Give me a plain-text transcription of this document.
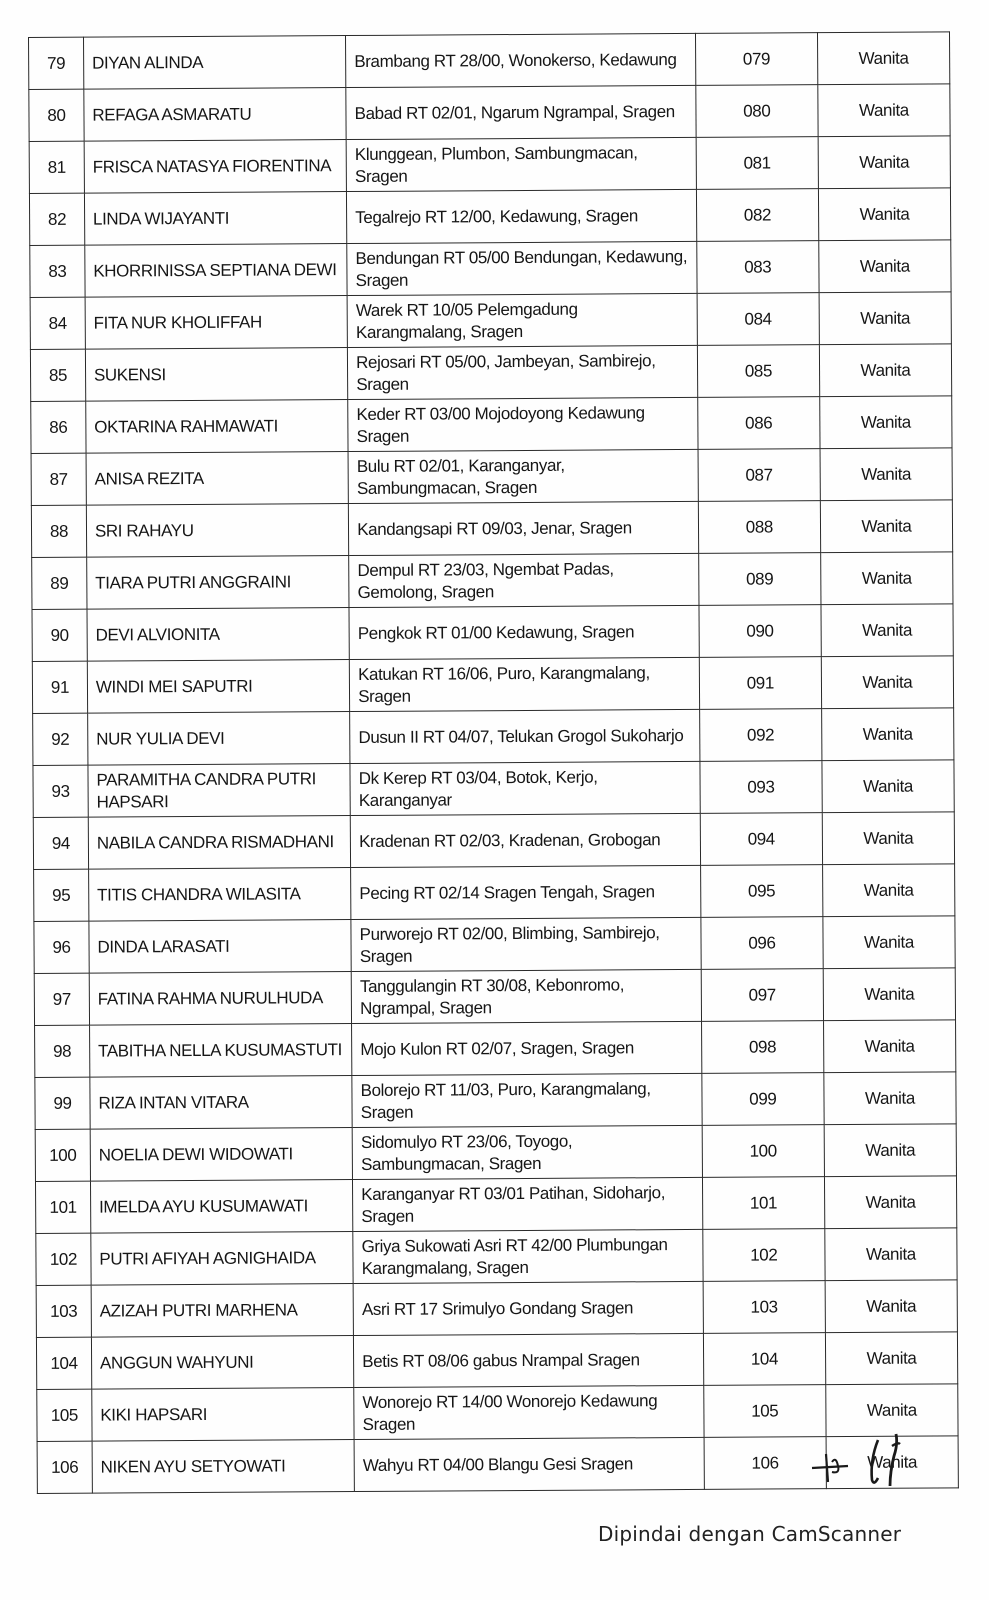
79	DIYAN ALINDA	Brambang RT 28/00, Wonokerso, Kedawung	079	Wanita
80	REFAGA ASMARATU	Babad RT 02/01, Ngarum Ngrampal, Sragen	080	Wanita
81	FRISCA NATASYA FIORENTINA	Klunggean, Plumbon, Sambungmacan, Sragen	081	Wanita
82	LINDA WIJAYANTI	Tegalrejo RT 12/00, Kedawung, Sragen	082	Wanita
83	KHORRINISSA SEPTIANA DEWI	Bendungan RT 05/00 Bendungan, Kedawung, Sragen	083	Wanita
84	FITA NUR KHOLIFFAH	Warek RT 10/05 Pelemgadung Karangmalang, Sragen	084	Wanita
85	SUKENSI	Rejosari RT 05/00, Jambeyan, Sambirejo, Sragen	085	Wanita
86	OKTARINA RAHMAWATI	Keder RT 03/00 Mojodoyong Kedawung Sragen	086	Wanita
87	ANISA REZITA	Bulu RT 02/01, Karanganyar, Sambungmacan, Sragen	087	Wanita
88	SRI RAHAYU	Kandangsapi RT 09/03, Jenar, Sragen	088	Wanita
89	TIARA PUTRI ANGGRAINI	Dempul RT 23/03, Ngembat Padas, Gemolong, Sragen	089	Wanita
90	DEVI ALVIONITA	Pengkok RT 01/00 Kedawung, Sragen	090	Wanita
91	WINDI MEI SAPUTRI	Katukan RT 16/06, Puro, Karangmalang, Sragen	091	Wanita
92	NUR YULIA DEVI	Dusun II RT 04/07, Telukan Grogol Sukoharjo	092	Wanita
93	PARAMITHA CANDRA PUTRI HAPSARI	Dk Kerep RT 03/04, Botok, Kerjo, Karanganyar	093	Wanita
94	NABILA CANDRA RISMADHANI	Kradenan RT 02/03, Kradenan, Grobogan	094	Wanita
95	TITIS CHANDRA WILASITA	Pecing RT 02/14 Sragen Tengah, Sragen	095	Wanita
96	DINDA LARASATI	Purworejo RT 02/00, Blimbing, Sambirejo, Sragen	096	Wanita
97	FATINA RAHMA NURULHUDA	Tanggulangin RT 30/08, Kebonromo, Ngrampal, Sragen	097	Wanita
98	TABITHA NELLA KUSUMASTUTI	Mojo Kulon RT 02/07, Sragen, Sragen	098	Wanita
99	RIZA INTAN VITARA	Bolorejo RT 11/03, Puro, Karangmalang, Sragen	099	Wanita
100	NOELIA DEWI WIDOWATI	Sidomulyo RT 23/06, Toyogo, Sambungmacan, Sragen	100	Wanita
101	IMELDA AYU KUSUMAWATI	Karanganyar RT 03/01 Patihan, Sidoharjo, Sragen	101	Wanita
102	PUTRI AFIYAH AGNIGHAIDA	Griya Sukowati Asri RT 42/00 Plumbungan Karangmalang, Sragen	102	Wanita
103	AZIZAH PUTRI MARHENA	Asri RT 17 Srimulyo Gondang Sragen	103	Wanita
104	ANGGUN WAHYUNI	Betis RT 08/06 gabus Nrampal Sragen	104	Wanita
105	KIKI HAPSARI	Wonorejo RT 14/00 Wonorejo Kedawung Sragen	105	Wanita
106	NIKEN AYU SETYOWATI	Wahyu RT 04/00 Blangu Gesi Sragen	106	Wanita
Dipindai dengan CamScanner
